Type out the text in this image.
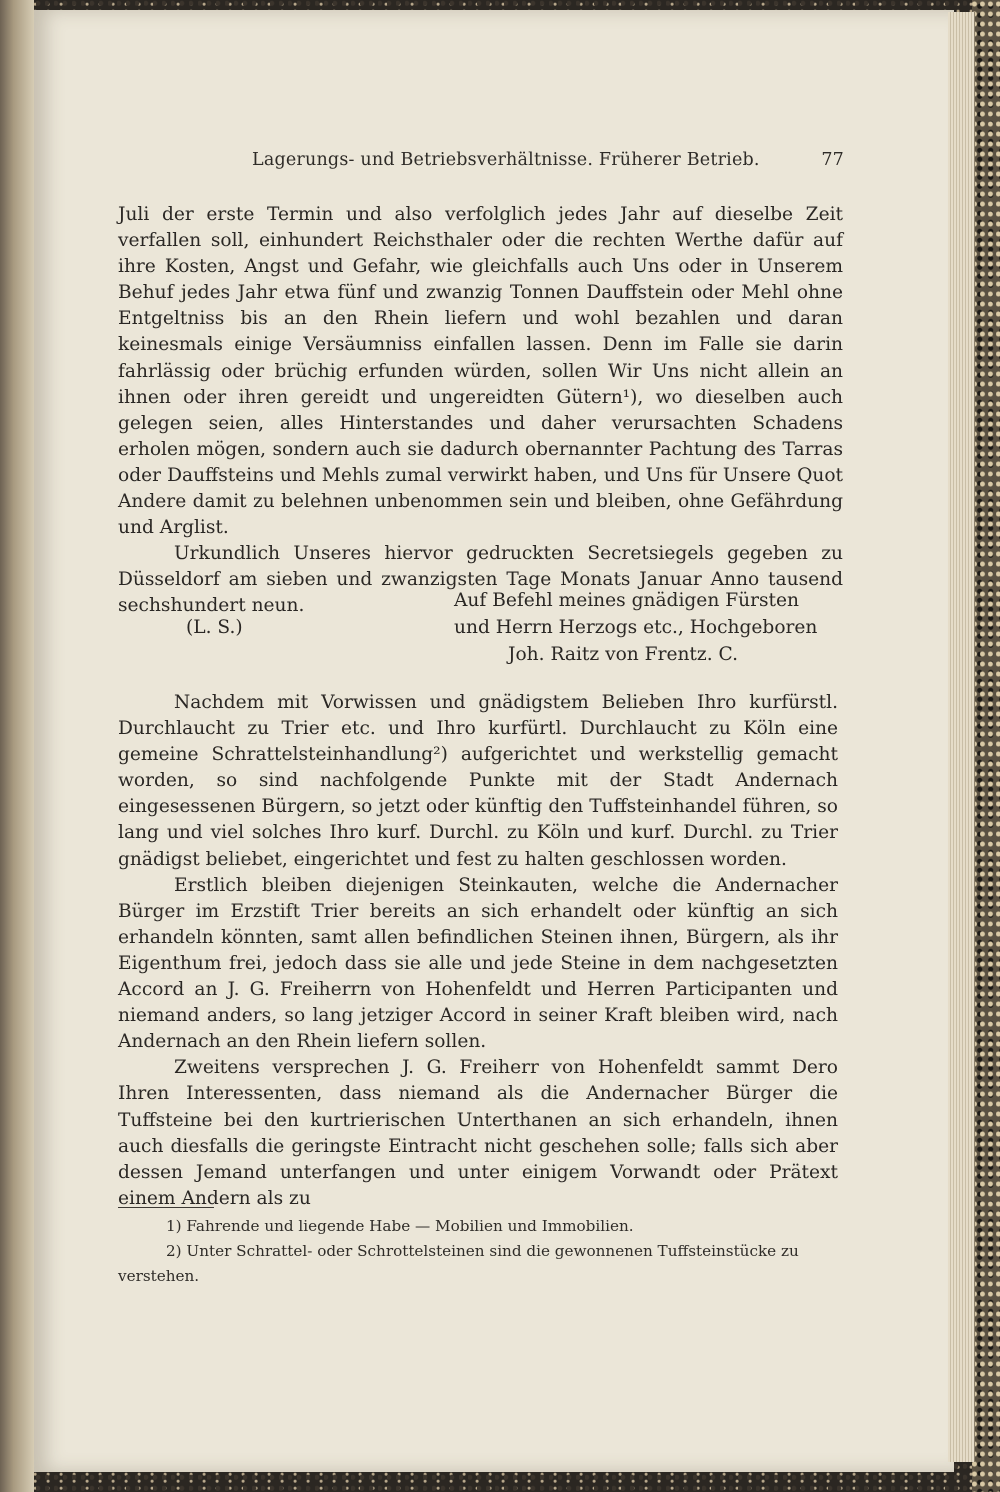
Lagerungs- und Betriebsverhältnisse. Früherer Betrieb.	77

Juli der erste Termin und also verfolglich jedes Jahr auf dieselbe Zeit verfallen soll, einhundert Reichsthaler oder die rechten Werthe dafür auf ihre Kosten, Angst und Gefahr, wie gleichfalls auch Uns oder in Unserem Behuf jedes Jahr etwa fünf und zwanzig Tonnen Dauffstein oder Mehl ohne Entgeltniss bis an den Rhein liefern und wohl bezahlen und daran keinesmals einige Versäumniss einfallen lassen. Denn im Falle sie darin fahrlässig oder brüchig erfunden würden, sollen Wir Uns nicht allein an ihnen oder ihren gereidt und ungereidten Gütern¹), wo dieselben auch gelegen seien, alles Hinterstandes und daher verursachten Schadens erholen mögen, sondern auch sie dadurch obernannter Pachtung des Tarras oder Dauffsteins und Mehls zumal verwirkt haben, und Uns für Unsere Quot Andere damit zu belehnen unbenommen sein und bleiben, ohne Gefährdung und Arglist.

Urkundlich Unseres hiervor gedruckten Secretsiegels gegeben zu Düsseldorf am sieben und zwanzigsten Tage Monats Januar Anno tausend sechshundert neun.	Auf Befehl meines gnädigen Fürsten
(L. S.)	und Herrn Herzogs etc., Hochgeboren
Joh. Raitz von Frentz. C.

Nachdem mit Vorwissen und gnädigstem Belieben Ihro kurfürstl. Durchlaucht zu Trier etc. und Ihro kurfürtl. Durchlaucht zu Köln eine gemeine Schrattelsteinhandlung²) aufgerichtet und werkstellig gemacht worden, so sind nachfolgende Punkte mit der Stadt Andernach eingesessenen Bürgern, so jetzt oder künftig den Tuffsteinhandel führen, so lang und viel solches Ihro kurf. Durchl. zu Köln und kurf. Durchl. zu Trier gnädigst beliebet, eingerichtet und fest zu halten geschlossen worden.

Erstlich bleiben diejenigen Steinkauten, welche die Andernacher Bürger im Erzstift Trier bereits an sich erhandelt oder künftig an sich erhandeln könnten, samt allen befindlichen Steinen ihnen, Bürgern, als ihr Eigenthum frei, jedoch dass sie alle und jede Steine in dem nachgesetzten Accord an J. G. Freiherrn von Hohenfeldt und Herren Participanten und niemand anders, so lang jetziger Accord in seiner Kraft bleiben wird, nach Andernach an den Rhein liefern sollen.

Zweitens versprechen J. G. Freiherr von Hohenfeldt sammt Dero Ihren Interessenten, dass niemand als die Andernacher Bürger die Tuffsteine bei den kurtrierischen Unterthanen an sich erhandeln, ihnen auch diesfalls die geringste Eintracht nicht geschehen solle; falls sich aber dessen Jemand unterfangen und unter einigem Vorwandt oder Prätext einem Andern als zu

1) Fahrende und liegende Habe — Mobilien und Immobilien.

2) Unter Schrattel- oder Schrottelsteinen sind die gewonnenen Tuffsteinstücke zu verstehen.
